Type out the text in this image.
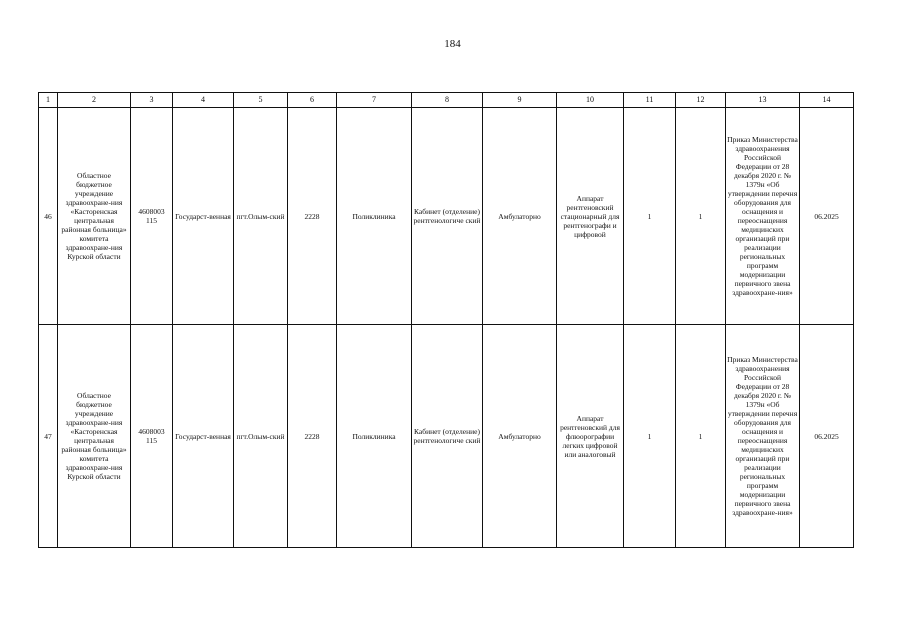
184
1	2	3	4	5	6	7	8	9	10	11	12	13	14
46	Областное бюджетное учреждение здравоохране-ния «Касторенская центральная районная больница» комитета здравоохране-ния Курской области	4608003 115	Государст-венная	пгт.Олым-ский	2228	Поликлиника	Кабинет (отделение) рентгенологиче ский	Амбулаторно	Аппарат рентгеновский стационарный для рентгенографи и цифровой	1	1	Приказ Министерства здравоохранения Российской Федерации от 28 декабря 2020 г. № 1379н «Об утверждении перечня оборудования для оснащения и переоснащения медицинских организаций при реализации региональных программ модернизации первичного звена здравоохране-ния»	06.2025
47	Областное бюджетное учреждение здравоохране-ния «Касторенская центральная районная больница» комитета здравоохране-ния Курской области	4608003 115	Государст-венная	пгт.Олым-ский	2228	Поликлиника	Кабинет (отделение) рентгенологиче ский	Амбулаторно	Аппарат рентгеновский для флюорографии легких цифровой или аналоговый	1	1	Приказ Министерства здравоохранения Российской Федерации от 28 декабря 2020 г. № 1379н «Об утверждении перечня оборудования для оснащения и переоснащения медицинских организаций при реализации региональных программ модернизации первичного звена здравоохране-ния»	06.2025
